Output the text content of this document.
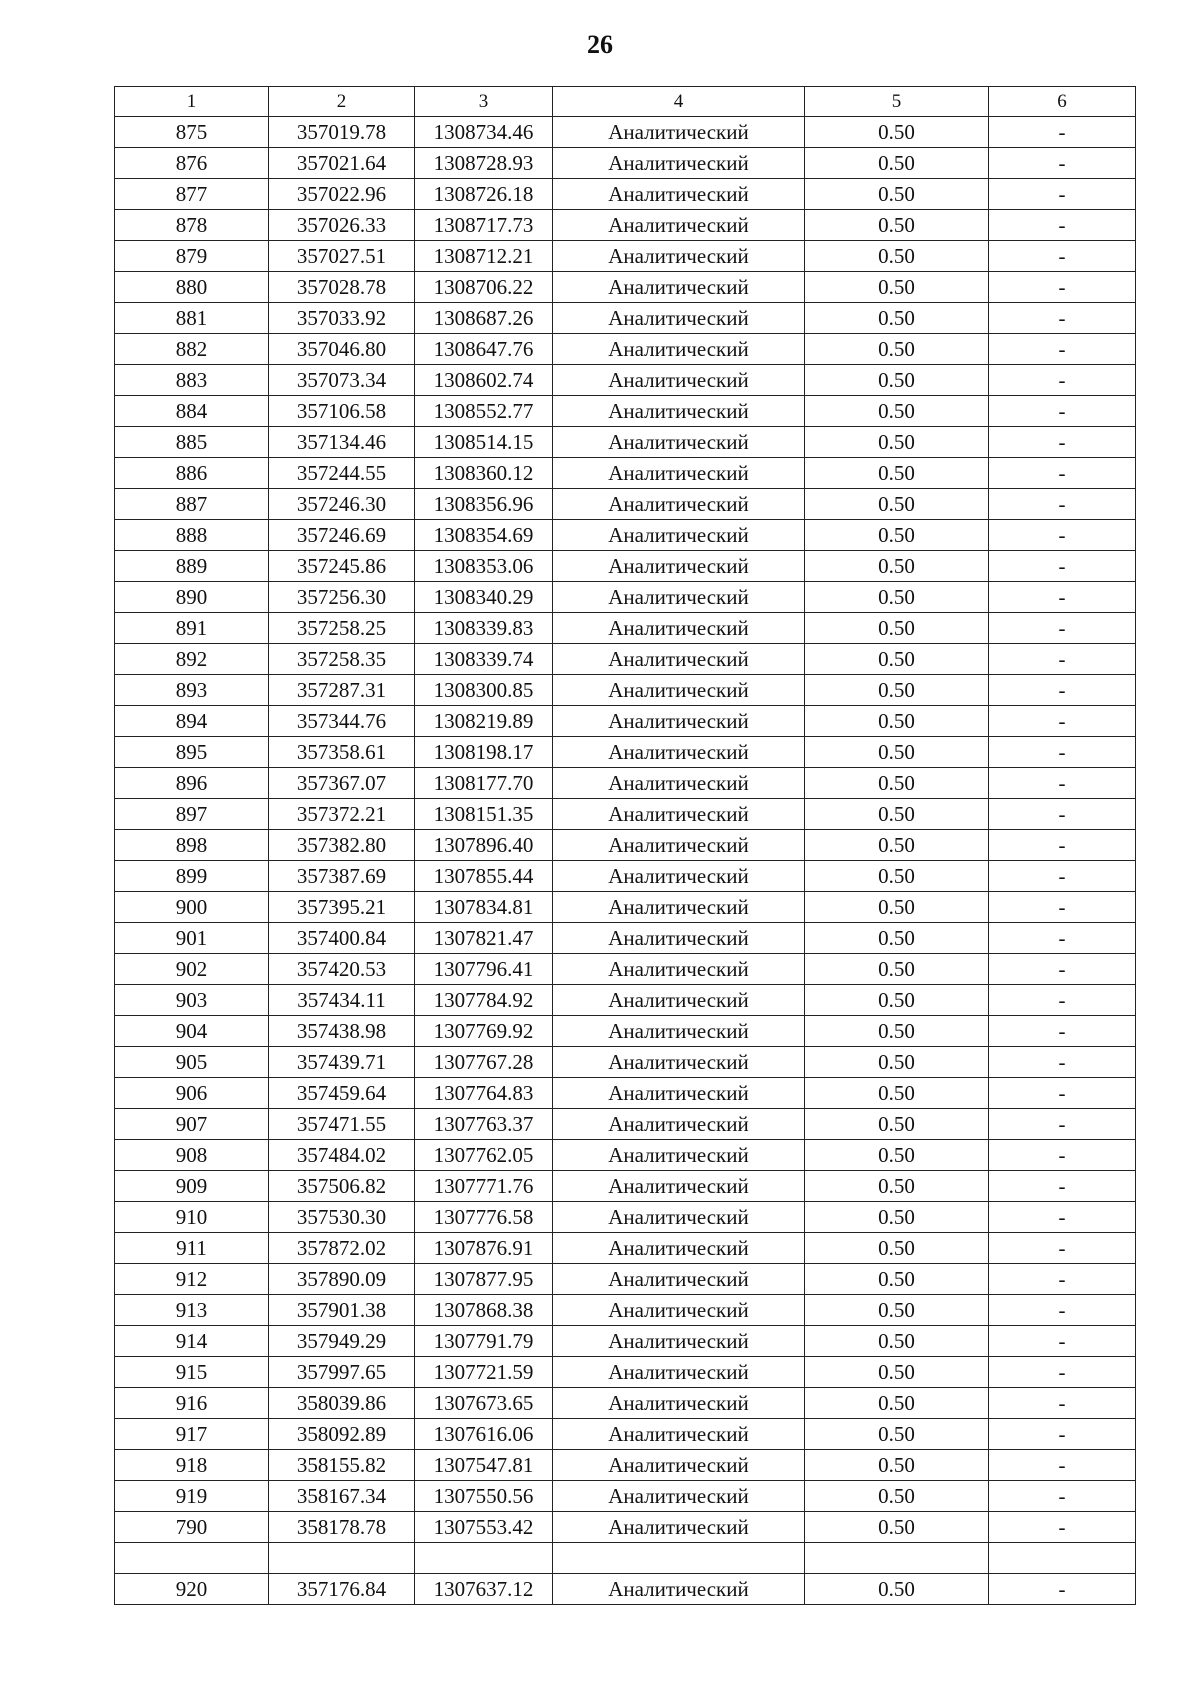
26
1	2	3	4	5	6
875	357019.78	1308734.46	Аналитический	0.50	-
876	357021.64	1308728.93	Аналитический	0.50	-
877	357022.96	1308726.18	Аналитический	0.50	-
878	357026.33	1308717.73	Аналитический	0.50	-
879	357027.51	1308712.21	Аналитический	0.50	-
880	357028.78	1308706.22	Аналитический	0.50	-
881	357033.92	1308687.26	Аналитический	0.50	-
882	357046.80	1308647.76	Аналитический	0.50	-
883	357073.34	1308602.74	Аналитический	0.50	-
884	357106.58	1308552.77	Аналитический	0.50	-
885	357134.46	1308514.15	Аналитический	0.50	-
886	357244.55	1308360.12	Аналитический	0.50	-
887	357246.30	1308356.96	Аналитический	0.50	-
888	357246.69	1308354.69	Аналитический	0.50	-
889	357245.86	1308353.06	Аналитический	0.50	-
890	357256.30	1308340.29	Аналитический	0.50	-
891	357258.25	1308339.83	Аналитический	0.50	-
892	357258.35	1308339.74	Аналитический	0.50	-
893	357287.31	1308300.85	Аналитический	0.50	-
894	357344.76	1308219.89	Аналитический	0.50	-
895	357358.61	1308198.17	Аналитический	0.50	-
896	357367.07	1308177.70	Аналитический	0.50	-
897	357372.21	1308151.35	Аналитический	0.50	-
898	357382.80	1307896.40	Аналитический	0.50	-
899	357387.69	1307855.44	Аналитический	0.50	-
900	357395.21	1307834.81	Аналитический	0.50	-
901	357400.84	1307821.47	Аналитический	0.50	-
902	357420.53	1307796.41	Аналитический	0.50	-
903	357434.11	1307784.92	Аналитический	0.50	-
904	357438.98	1307769.92	Аналитический	0.50	-
905	357439.71	1307767.28	Аналитический	0.50	-
906	357459.64	1307764.83	Аналитический	0.50	-
907	357471.55	1307763.37	Аналитический	0.50	-
908	357484.02	1307762.05	Аналитический	0.50	-
909	357506.82	1307771.76	Аналитический	0.50	-
910	357530.30	1307776.58	Аналитический	0.50	-
911	357872.02	1307876.91	Аналитический	0.50	-
912	357890.09	1307877.95	Аналитический	0.50	-
913	357901.38	1307868.38	Аналитический	0.50	-
914	357949.29	1307791.79	Аналитический	0.50	-
915	357997.65	1307721.59	Аналитический	0.50	-
916	358039.86	1307673.65	Аналитический	0.50	-
917	358092.89	1307616.06	Аналитический	0.50	-
918	358155.82	1307547.81	Аналитический	0.50	-
919	358167.34	1307550.56	Аналитический	0.50	-
790	358178.78	1307553.42	Аналитический	0.50	-

920	357176.84	1307637.12	Аналитический	0.50	-
